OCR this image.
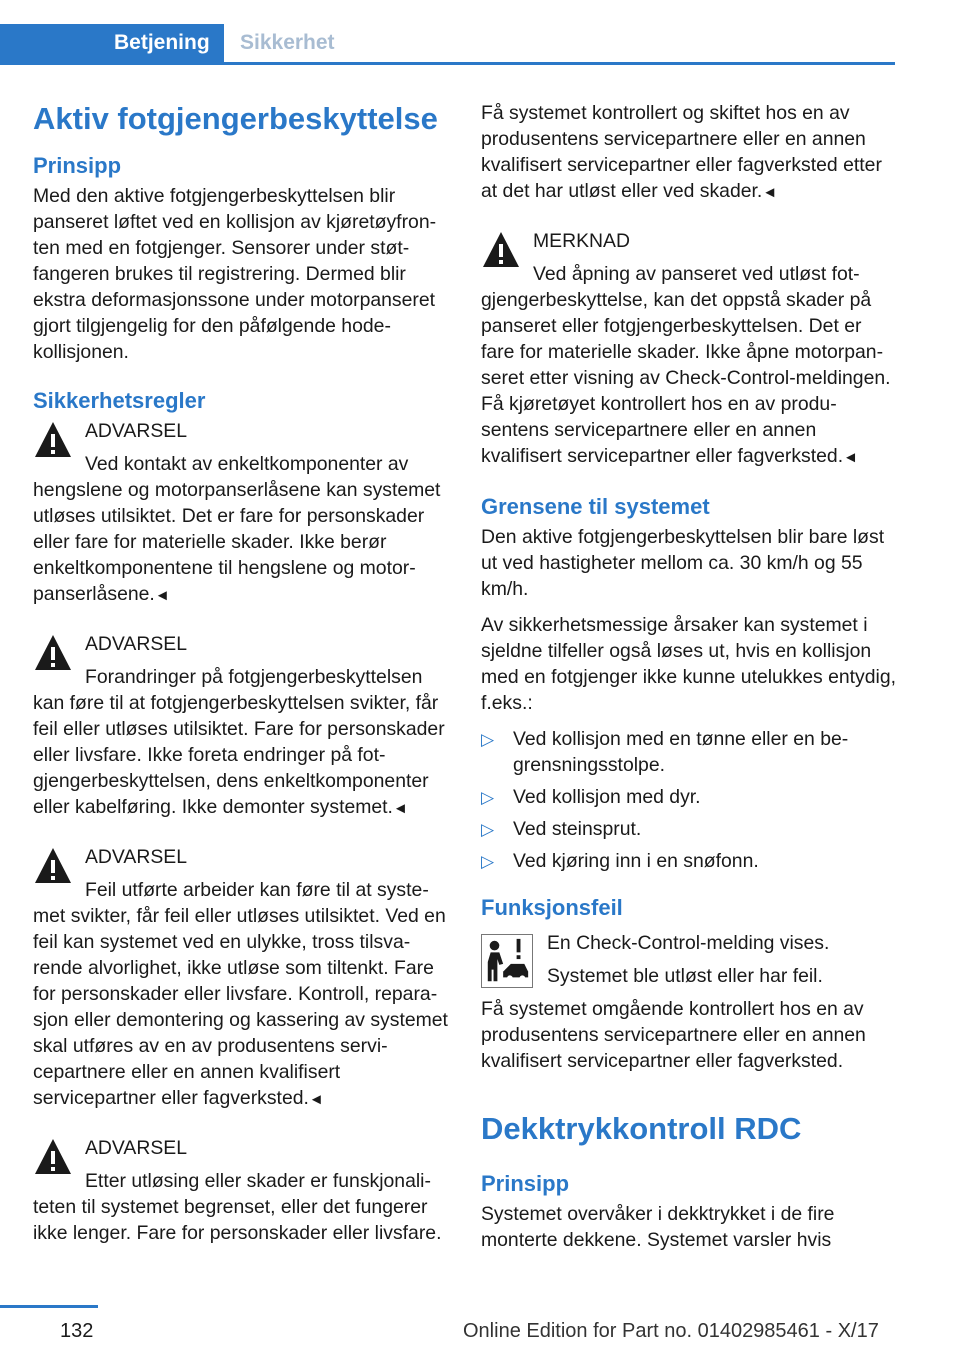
Betjening Sikkerhet
Aktiv fotgjengerbeskyttelse
Prinsipp

Med den aktive fotgjengerbeskyttelsen blir panseret løftet ved en kollisjon av kjøretøyfronten med en fotgjenger. Sensorer under støtfangeren brukes til registrering. Dermed blir ekstra deformasjonssone under motorpanseret gjort tilgjengelig for den påfølgende hodekollisjonen.

Sikkerhetsregler
ADVARSEL
Ved kontakt av enkeltkomponenter av hengslene og motorpanserlåsene kan systemet utløses utilsiktet. Det er fare for personskader eller fare for materielle skader. Ikke berør enkeltkomponentene til hengslene og motorpanserlåsene.◄
ADVARSEL
Forandringer på fotgjengerbeskyttelsen kan føre til at fotgjengerbeskyttelsen svikter, får feil eller utløses utilsiktet. Fare for personskader eller livsfare. Ikke foreta endringer på fotgjengerbeskyttelsen, dens enkeltkomponenter eller kabelføring. Ikke demonter systemet.◄
ADVARSEL
Feil utførte arbeider kan føre til at systemet svikter, får feil eller utløses utilsiktet. Ved en feil kan systemet ved en ulykke, tross tilsvarende alvorlighet, ikke utløse som tiltenkt. Fare for personskader eller livsfare. Kontroll, reparasjon eller demontering og kassering av systemet skal utføres av en av produsentens servicepartnere eller en annen kvalifisert servicepartner eller fagverksted.◄
ADVARSEL
Etter utløsing eller skader er funskjonaliteten til systemet begrenset, eller det fungerer ikke lenger. Fare for personskader eller livsfare.

Få systemet kontrollert og skiftet hos en av produsentens servicepartnere eller en annen kvalifisert servicepartner eller fagverksted etter at det har utløst eller ved skader.◄

MERKNAD
Ved åpning av panseret ved utløst fotgjengerbeskyttelse, kan det oppstå skader på panseret eller fotgjengerbeskyttelsen. Det er fare for materielle skader. Ikke åpne motorpanseret etter visning av Check-Control-meldingen. Få kjøretøyet kontrollert hos en av produsentens servicepartnere eller en annen kvalifisert servicepartner eller fagverksted.◄
Grensene til systemet

Den aktive fotgjengerbeskyttelsen blir bare løst ut ved hastigheter mellom ca. 30 km/h og 55 km/h.

Av sikkerhetsmessige årsaker kan systemet i sjeldne tilfeller også løses ut, hvis en kollisjon med en fotgjenger ikke kunne utelukkes entydig, f.eks.:

▷ Ved kollisjon med en tønne eller en begrensningsstolpe.
▷ Ved kollisjon med dyr.
▷ Ved steinsprut.
▷ Ved kjøring inn i en snøfonn.
Funksjonsfeil

En Check-Control-melding vises.

Systemet ble utløst eller har feil.

Få systemet omgående kontrollert hos en av produsentens servicepartnere eller en annen kvalifisert servicepartner eller fagverksted.

Dekktrykkontroll RDC
Prinsipp

Systemet overvåker i dekktrykket i de fire monterte dekkene. Systemet varsler hvis

132	Online Edition for Part no. 01402985461 - X/17
